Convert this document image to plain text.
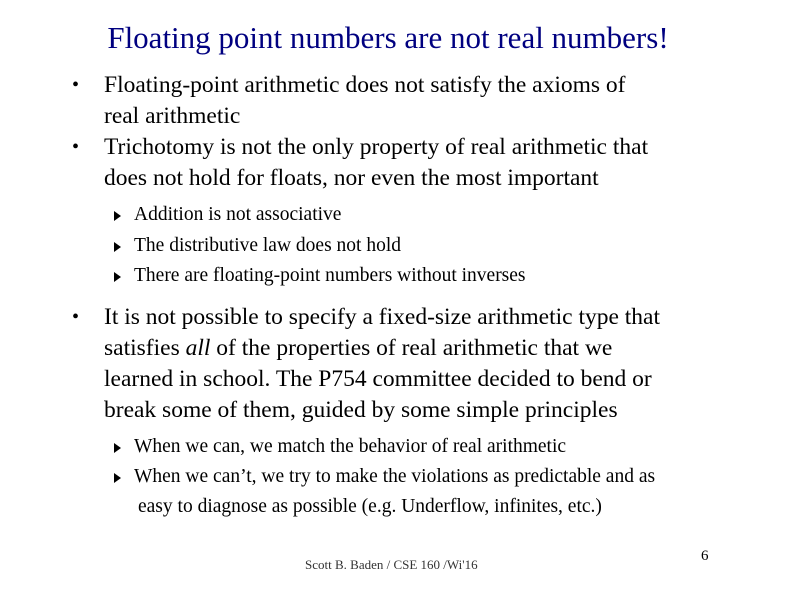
Floating point numbers are not real numbers!
• Floating-point arithmetic does not satisfy the axioms of
real arithmetic
• Trichotomy is not the only property of real arithmetic that
does not hold for floats, nor even the most important
Addition is not associative
The distributive law does not hold
There are floating-point numbers without inverses
• It is not possible to specify a fixed-size arithmetic type that
satisfies all of the properties of real arithmetic that we
learned in school. The P754 committee decided to bend or
break some of them, guided by some simple principles
When we can, we match the behavior of real arithmetic
When we can’t, we try to make the violations as predictable and as
easy to diagnose as possible (e.g. Underflow, infinites, etc.)
Scott B. Baden / CSE 160 /Wi'16
6
